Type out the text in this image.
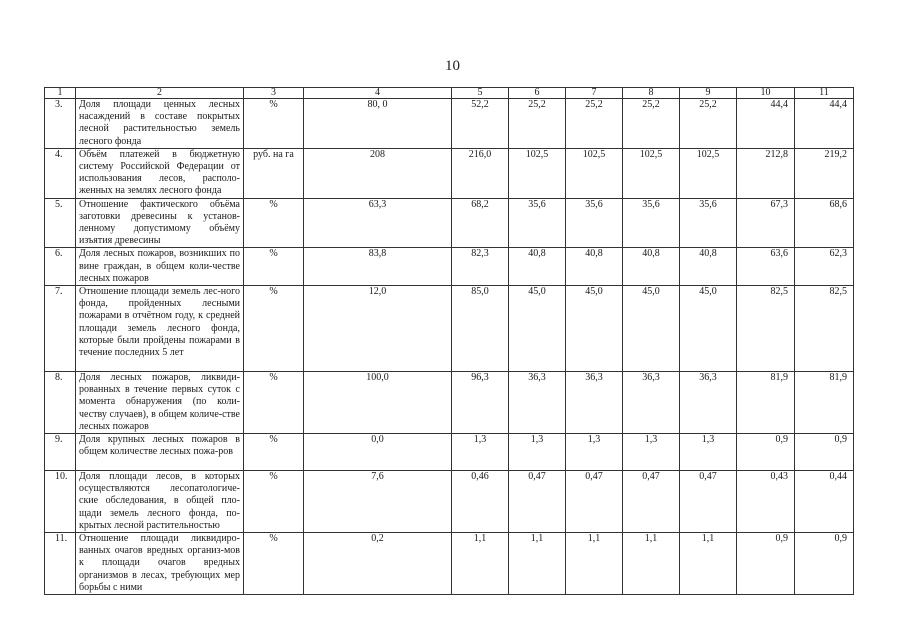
10
1	2	3	4	5	6	7	8	9	10	11
3.	Доля площади ценных лесных насаждений в составе покрытых лесной растительностью земель лесного фонда	%	80, 0	52,2	25,2	25,2	25,2	25,2	44,4	44,4
4.	Объём платежей в бюджетную систему Российской Федерации от использования лесов, располо-женных на землях лесного фонда	руб. на га	208	216,0	102,5	102,5	102,5	102,5	212,8	219,2
5.	Отношение фактического объёма заготовки древесины к установ-ленному допустимому объёму изъятия древесины	%	63,3	68,2	35,6	35,6	35,6	35,6	67,3	68,6
6.	Доля лесных пожаров, возникших по вине граждан, в общем коли-честве лесных пожаров	%	83,8	82,3	40,8	40,8	40,8	40,8	63,6	62,3
7.	Отношение площади земель лес-ного фонда, пройденных лесными пожарами в отчётном году, к средней площади земель лесного фонда, которые были пройдены пожарами в течение последних 5 лет	%	12,0	85,0	45,0	45,0	45,0	45,0	82,5	82,5
8.	Доля лесных пожаров, ликвиди-рованных в течение первых суток с момента обнаружения (по коли-честву случаев), в общем количе-стве лесных пожаров	%	100,0	96,3	36,3	36,3	36,3	36,3	81,9	81,9
9.	Доля крупных лесных пожаров в общем количестве лесных пожа-ров	%	0,0	1,3	1,3	1,3	1,3	1,3	0,9	0,9
10.	Доля площади лесов, в которых осуществляются лесопатологиче-ские обследования, в общей пло-щади земель лесного фонда, по-крытых лесной растительностью	%	7,6	0,46	0,47	0,47	0,47	0,47	0,43	0,44
11.	Отношение площади ликвидиро-ванных очагов вредных организ-мов к площади очагов вредных организмов в лесах, требующих мер борьбы с ними	%	0,2	1,1	1,1	1,1	1,1	1,1	0,9	0,9
